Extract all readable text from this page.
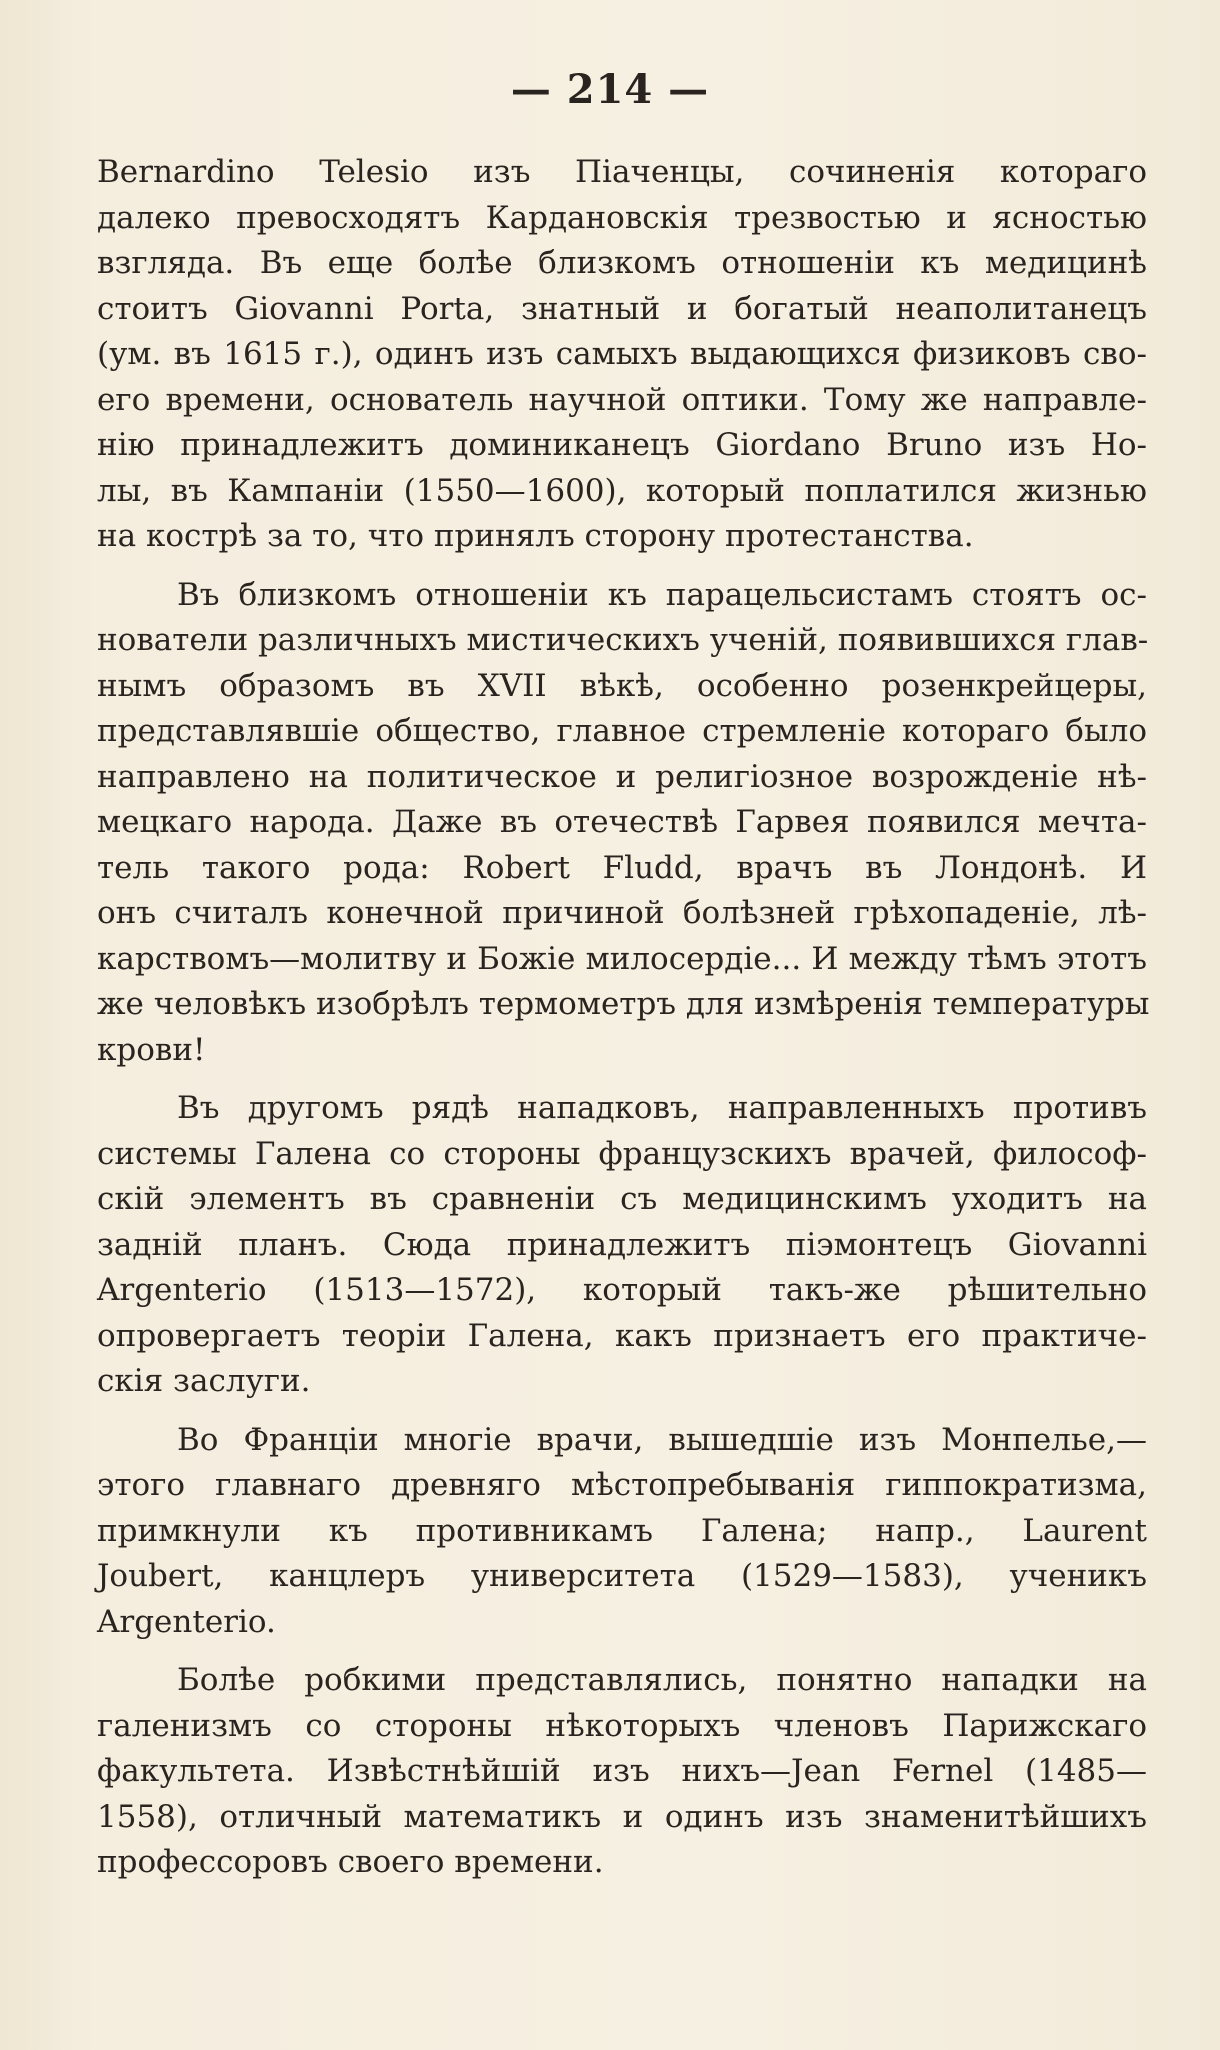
— 214 —
Bernardino Telesio изъ Піаченцы, сочиненія котораго
далеко превосходятъ Кардановскія трезвостью и ясностью
взгляда. Въ еще болѣе близкомъ отношеніи къ медицинѣ
стоитъ Giovanni Porta, знатный и богатый неаполитанецъ
(ум. въ 1615 г.), одинъ изъ самыхъ выдающихся физиковъ сво-
его времени, основатель научной оптики. Тому же направле-
нію принадлежитъ доминиканецъ Giordano Bruno изъ Но-
лы, въ Кампаніи (1550—1600), который поплатился жизнью
на кострѣ за то, что принялъ сторону протестанства.
Въ близкомъ отношеніи къ парацельсистамъ стоятъ ос-
нователи различныхъ мистическихъ ученій, появившихся глав-
нымъ образомъ въ XVII вѣкѣ, особенно розенкрейцеры,
представлявшіе общество, главное стремленіе котораго было
направлено на политическое и религіозное возрожденіе нѣ-
мецкаго народа. Даже въ отечествѣ Гарвея появился мечта-
тель такого рода: Robert Fludd, врачъ въ Лондонѣ. И
онъ считалъ конечной причиной болѣзней грѣхопаденіе, лѣ-
карствомъ—молитву и Божіе милосердіе... И между тѣмъ этотъ
же человѣкъ изобрѣлъ термометръ для измѣренія температуры
крови!
Въ другомъ рядѣ нападковъ, направленныхъ противъ
системы Галена со стороны французскихъ врачей, философ-
скій элементъ въ сравненіи съ медицинскимъ уходитъ на
задній планъ. Сюда принадлежитъ піэмонтецъ Giovanni
Argenterio (1513—1572), который такъ-же рѣшительно
опровергаетъ теоріи Галена, какъ признаетъ его практиче-
скія заслуги.
Во Франціи многіе врачи, вышедшіе изъ Монпелье,—
этого главнаго древняго мѣстопребыванія гиппократизма,
примкнули къ противникамъ Галена; напр., Laurent
Joubert, канцлеръ университета (1529—1583), ученикъ
Argenterio.
Болѣе робкими представлялись, понятно нападки на
галенизмъ со стороны нѣкоторыхъ членовъ Парижскаго
факультета. Извѣстнѣйшій изъ нихъ—Jean Fernel (1485—
1558), отличный математикъ и одинъ изъ знаменитѣйшихъ
профессоровъ своего времени.
